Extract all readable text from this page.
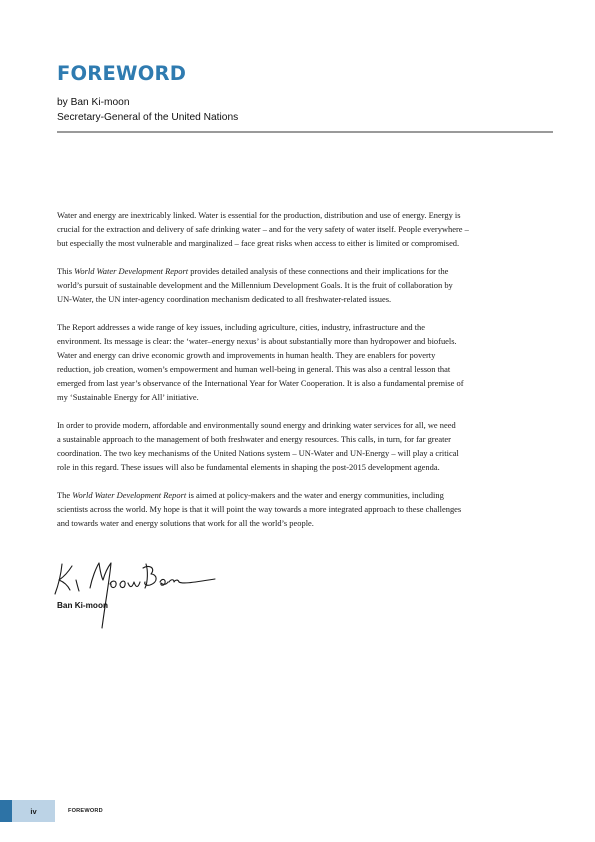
FOREWORD
by Ban Ki-moon
Secretary-General of the United Nations

Water and energy are inextricably linked. Water is essential for the production, distribution and use of energy. Energy is
crucial for the extraction and delivery of safe drinking water – and for the very safety of water itself. People everywhere –
but especially the most vulnerable and marginalized – face great risks when access to either is limited or compromised.

This World Water Development Report provides detailed analysis of these connections and their implications for the
world’s pursuit of sustainable development and the Millennium Development Goals. It is the fruit of collaboration by
UN-Water, the UN inter-agency coordination mechanism dedicated to all freshwater-related issues.

The Report addresses a wide range of key issues, including agriculture, cities, industry, infrastructure and the
environment. Its message is clear: the ‘water–energy nexus’ is about substantially more than hydropower and biofuels.
Water and energy can drive economic growth and improvements in human health. They are enablers for poverty
reduction, job creation, women’s empowerment and human well-being in general. This was also a central lesson that
emerged from last year’s observance of the International Year for Water Cooperation. It is also a fundamental premise of
my ‘Sustainable Energy for All’ initiative.

In order to provide modern, affordable and environmentally sound energy and drinking water services for all, we need
a sustainable approach to the management of both freshwater and energy resources. This calls, in turn, for far greater
coordination. The two key mechanisms of the United Nations system – UN-Water and UN-Energy – will play a critical
role in this regard. These issues will also be fundamental elements in shaping the post-2015 development agenda.

The World Water Development Report is aimed at policy-makers and the water and energy communities, including
scientists across the world. My hope is that it will point the way towards a more integrated approach to these challenges
and towards water and energy solutions that work for all the world’s people.

Ban Ki-moon
iv	FOREWORD
